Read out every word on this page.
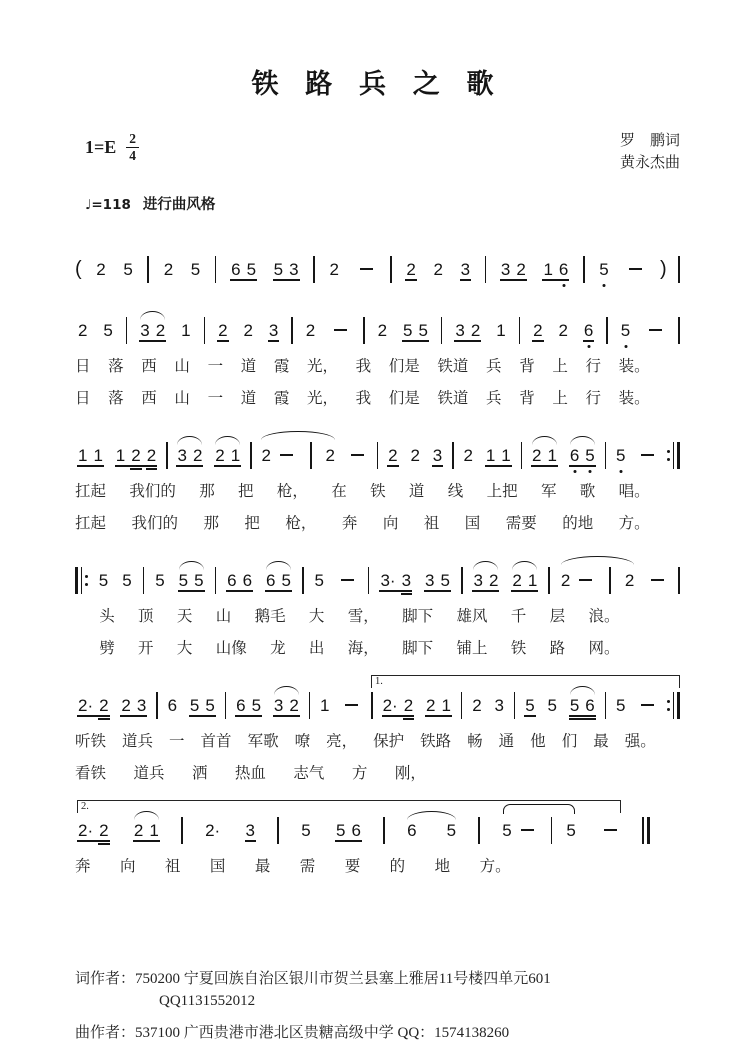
铁 路 兵 之 歌
$1=E \frac{2}{4}$	罗　鹏词
黄永杰曲
♩=118 进行曲风格
( 2 5 2 5 6 5 5 3 2	2 2 3 3 2 1 6 5	)
2 5 3 2 1 2 2 3 2	2 5 5 3 2 1 2 2 6 5
日 落 西 山 一 道 霞 光， 我 们是 铁道 兵 背 上 行 装。
日 落 西 山 一 道 霞 光， 我 们是 铁道 兵 背 上 行 装。
1 1 1 2 2 3 2 2 1 2	2	2 2 3 2 1 1 2 1 6 5 5
扛起 我们的 那 把 枪， 在 铁 道 线 上把 军 歌 唱。
扛起 我们的 那 把 枪， 奔 向 祖 国 需要 的地 方。
5 5 5 5 5 6 6 6 5 5	3· 3 3 5 3 2 2 1 2	2
头 顶 天 山 鹅毛 大 雪， 脚下 雄风 千 层 浪。
劈 开 大 山像 龙 出 海， 脚下 铺上 铁 路 网。
2· 2 2 3 6 5 5 6 5 3 2 1	2· 2 2 1 2 3 5 5 5 6 5
听铁 道兵 一 首首 军歌 嘹 亮， 保护 铁路 畅 通 他 们 最 强。
看铁 道兵 洒 热血 志气 方 刚，
1.
2· 2 2 1	2· 3	5 5 6	6 5	5	5
奔 向 祖 国 最 需 要 的 地 方。
2.
词作者：750200 宁夏回族自治区银川市贺兰县塞上雅居11号楼四单元601
QQ1131552012
曲作者：537100 广西贵港市港北区贵糖高级中学 QQ：1574138260
